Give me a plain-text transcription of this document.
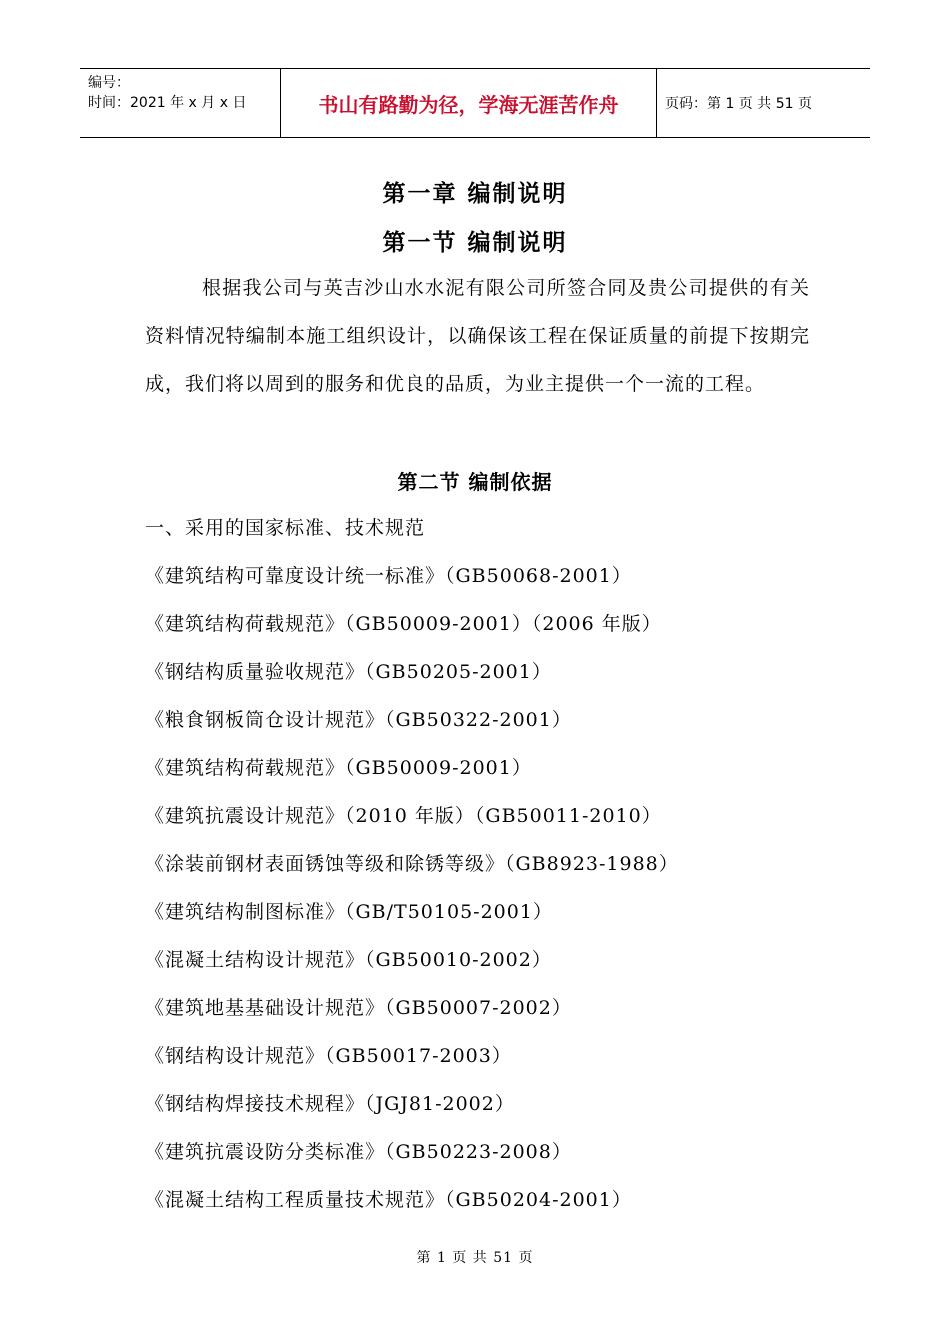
编号：
时间：2021 年 x 月 x 日	书山有路勤为径，学海无涯苦作舟	页码：第 1 页 共 51 页
第一章 编制说明
第一节 编制说明
根据我公司与英吉沙山水水泥有限公司所签合同及贵公司提供的有关资料情况特编制本施工组织设计，以确保该工程在保证质量的前提下按期完成，我们将以周到的服务和优良的品质，为业主提供一个一流的工程。
第二节 编制依据
一、采用的国家标准、技术规范
《建筑结构可靠度设计统一标准》（GB50068-2001）
《建筑结构荷载规范》（GB50009-2001）（2006 年版）
《钢结构质量验收规范》（GB50205-2001）
《粮食钢板筒仓设计规范》（GB50322-2001）
《建筑结构荷载规范》（GB50009-2001）
《建筑抗震设计规范》（2010 年版）（GB50011-2010）
《涂装前钢材表面锈蚀等级和除锈等级》（GB8923-1988）
《建筑结构制图标准》（GB/T50105-2001）
《混凝土结构设计规范》（GB50010-2002）
《建筑地基基础设计规范》（GB50007-2002）
《钢结构设计规范》（GB50017-2003）
《钢结构焊接技术规程》（JGJ81-2002）
《建筑抗震设防分类标准》（GB50223-2008）
《混凝土结构工程质量技术规范》（GB50204-2001）
第 1 页 共 51 页
